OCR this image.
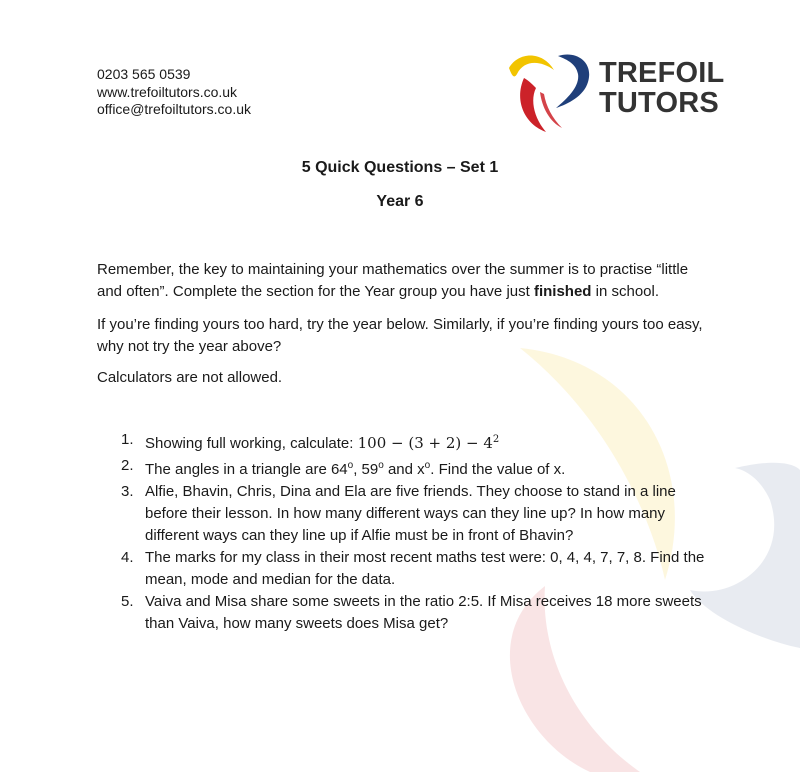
0203 565 0539
www.trefoiltutors.co.uk
office@trefoiltutors.co.uk
TREFOIL
TUTORS
5 Quick Questions – Set 1
Year 6

Remember, the key to maintaining your mathematics over the summer is to practise “little and often”. Complete the section for the Year group you have just finished in school.

If you’re finding yours too hard, try the year below. Similarly, if you’re finding yours too easy, why not try the year above?

Calculators are not allowed.

1. Showing full working, calculate: $100 - (3 + 2) - 4^2$
2. The angles in a triangle are 64$^o$, 59$^o$ and $x^o$. Find the value of x.
3. Alfie, Bhavin, Chris, Dina and Ela are five friends. They choose to stand in a line before their lesson. In how many different ways can they line up? In how many different ways can they line up if Alfie must be in front of Bhavin?
4. The marks for my class in their most recent maths test were: 0, 4, 4, 7, 7, 8. Find the mean, mode and median for the data.
5. Vaiva and Misa share some sweets in the ratio 2:5. If Misa receives 18 more sweets than Vaiva, how many sweets does Misa get?
